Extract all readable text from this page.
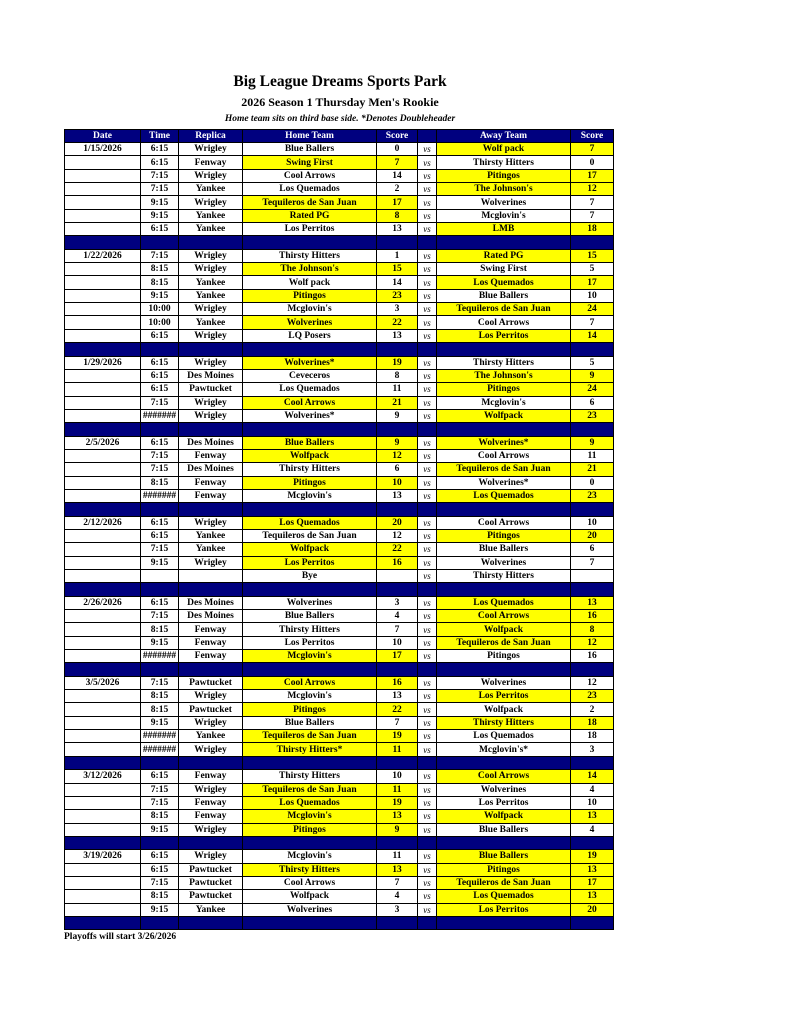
Big League Dreams Sports Park
2026 Season 1 Thursday Men's Rookie
Home team sits on third base side. *Denotes Doubleheader
Date	Time	Replica	Home Team	Score		Away Team	Score
1/15/2026	6:15	Wrigley	Blue Ballers	0	vs	Wolf pack	7
	6:15	Fenway	Swing First	7	vs	Thirsty Hitters	0
	7:15	Wrigley	Cool Arrows	14	vs	Pitingos	17
	7:15	Yankee	Los Quemados	2	vs	The Johnson's	12
	9:15	Wrigley	Tequileros de San Juan	17	vs	Wolverines	7
	9:15	Yankee	Rated PG	8	vs	Mcglovin's	7
	6:15	Yankee	Los Perritos	13	vs	LMB	18

1/22/2026	7:15	Wrigley	Thirsty Hitters	1	vs	Rated PG	15
	8:15	Wrigley	The Johnson's	15	vs	Swing First	5
	8:15	Yankee	Wolf pack	14	vs	Los Quemados	17
	9:15	Yankee	Pitingos	23	vs	Blue Ballers	10
	10:00	Wrigley	Mcglovin's	3	vs	Tequileros de San Juan	24
	10:00	Yankee	Wolverines	22	vs	Cool Arrows	7
	6:15	Wrigley	LQ Posers	13	vs	Los Perritos	14

1/29/2026	6:15	Wrigley	Wolverines*	19	vs	Thirsty Hitters	5
	6:15	Des Moines	Ceveceros	8	vs	The Johnson's	9
	6:15	Pawtucket	Los Quemados	11	vs	Pitingos	24
	7:15	Wrigley	Cool Arrows	21	vs	Mcglovin's	6
	#######	Wrigley	Wolverines*	9	vs	Wolfpack	23

2/5/2026	6:15	Des Moines	Blue Ballers	9	vs	Wolverines*	9
	7:15	Fenway	Wolfpack	12	vs	Cool Arrows	11
	7:15	Des Moines	Thirsty Hitters	6	vs	Tequileros de San Juan	21
	8:15	Fenway	Pitingos	10	vs	Wolverines*	0
	#######	Fenway	Mcglovin's	13	vs	Los Quemados	23

2/12/2026	6:15	Wrigley	Los Quemados	20	vs	Cool Arrows	10
	6:15	Yankee	Tequileros de San Juan	12	vs	Pitingos	20
	7:15	Yankee	Wolfpack	22	vs	Blue Ballers	6
	9:15	Wrigley	Los Perritos	16	vs	Wolverines	7
			Bye		vs	Thirsty Hitters	

2/26/2026	6:15	Des Moines	Wolverines	3	vs	Los Quemados	13
	7:15	Des Moines	Blue Ballers	4	vs	Cool Arrows	16
	8:15	Fenway	Thirsty Hitters	7	vs	Wolfpack	8
	9:15	Fenway	Los Perritos	10	vs	Tequileros de San Juan	12
	#######	Fenway	Mcglovin's	17	vs	Pitingos	16

3/5/2026	7:15	Pawtucket	Cool Arrows	16	vs	Wolverines	12
	8:15	Wrigley	Mcglovin's	13	vs	Los Perritos	23
	8:15	Pawtucket	Pitingos	22	vs	Wolfpack	2
	9:15	Wrigley	Blue Ballers	7	vs	Thirsty Hitters	18
	#######	Yankee	Tequileros de San Juan	19	vs	Los Quemados	18
	#######	Wrigley	Thirsty Hitters*	11	vs	Mcglovin's*	3

3/12/2026	6:15	Fenway	Thirsty Hitters	10	vs	Cool Arrows	14
	7:15	Wrigley	Tequileros de San Juan	11	vs	Wolverines	4
	7:15	Fenway	Los Quemados	19	vs	Los Perritos	10
	8:15	Fenway	Mcglovin's	13	vs	Wolfpack	13
	9:15	Wrigley	Pitingos	9	vs	Blue Ballers	4

3/19/2026	6:15	Wrigley	Mcglovin's	11	vs	Blue Ballers	19
	6:15	Pawtucket	Thirsty Hitters	13	vs	Pitingos	13
	7:15	Pawtucket	Cool Arrows	7	vs	Tequileros de San Juan	17
	8:15	Pawtucket	Wolfpack	4	vs	Los Quemados	13
	9:15	Yankee	Wolverines	3	vs	Los Perritos	20

Playoffs will start 3/26/2026
